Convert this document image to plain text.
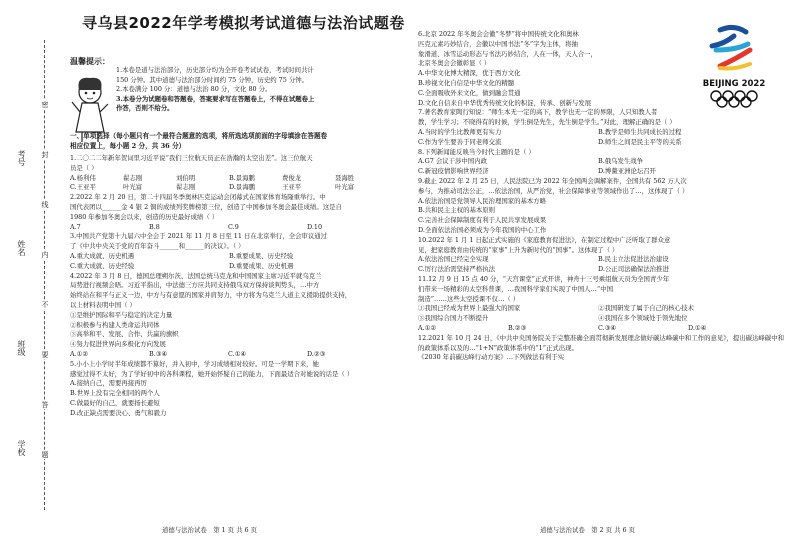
考号
姓名
班级
学校
密
封
线
内
不
要
答
题
寻乌县2022年学考模拟考试道德与法治试题卷
温馨提示：
1.本卷是道与法治部分，历史部分均为全开卷考试试卷，考试时间共计
150 分钟。其中道德与法治部分时间约 75 分钟，历史约 75 分钟。
2.本卷满分 100 分：道德与法治 80 分，文化 80 分。
3.本卷分为试题卷和答题卷，答案要求写在答题卷上，不得在试题卷上
作答，否则不给分。
一、单项选择（每小题只有一个最符合题意的选项，将所选选项前面的字母填涂在答题卷
相应位置上，每小题 2 分，共 36 分）
1.二〇二二年新年贺词里习近平说“我们三位航天员正在浩瀚的太空出差”。这三位航天
员是（ ）
A.杨利伟	翟志刚	刘伯明	B.景海鹏	费俊龙	聂海胜
C.王亚平	叶光富	翟志刚	D.景海鹏	王亚平	叶光富
2.2022 年 2 月 20 日，第二十四届冬季奥林匹克运动会闭幕式在国家体育场隆重举行。中
国代表团以______金 4 银 2 铜的成绩列奖牌榜第三位，创造了中国参加冬奥会最佳成绩。这是自
1980 年参加冬奥会以来，创造的历史最好成绩（ ）
A.7	B.8	C.9	D.10
3.中国共产党第十九届六中全会于 2021 年 11 月 8 日至 11 日在北京举行，全会审议通过
了《中共中央关于党的百年奋斗______和______的决议》。（ ）
A.重大成就、历史机遇	B.重要成果、历史经验
C.重大成就、历史经验	D.重要成果、历史机遇
4.2022 年 3 月 8 日，德国总理朔尔茨、法国总统马克龙和中国国家主席习近平就乌克兰
局势进行视频会晤。习近平指出，中法德三方应共同支持俄乌双方保持谈判势头，…中方
始终站在和平与正义一边，中方与有意愿的国家并肩努力，中方将为乌克兰人道主义援助提供支持，
以上材料表明中国（ ）
①是维护国际和平与稳定的决定力量
②积极参与构建人类命运共同体
③高举和平、发展、合作、共赢的旗帜
④努力促进世界向多极化方向发展
A.①②	B.③④	C.①④	D.②③
5.小小上小学时半年成绩都不算好，并入初中，学习成绩相对较好。可是一学期下来，她
感觉过得不太好，为了学好初中的各科课程，她开始怀疑自己的能力，下面最适合对她说的话是（ ）
A.接纳自己，需要再接再厉
B.世界上没有完全相同的两个人
C.做最好的自己，就要扬长避短
D.改正缺点需要决心、勇气和毅力
6.北京 2022 年冬奥会会徽“冬梦”将中国传统文化和奥林
匹克元素巧妙结合，会徽以中国书法“冬”字为主体，将抽
象滑道、冰雪运动形态与书法巧妙结合，人在一体，天人合一，
北京冬奥会会徽彰显（ ）
A.中华文化博大精深，优于西方文化
B.珍视文化自信是中华文化的精髓
C.全面吸收外来文化，做到融会贯通
D.文化自信来自中华优秀传统文化的积淀，传承、创新与发展
7.著名教育家陶行知说：“师生本无一定的高下，教学也无一定的界限，人只知教人者
教，学生学习；不晓得有的时候，学生倒是先生，先生倒是学生。”对此，理解正确的是（ ）
A.当时的学生比教师更有实力	B.教学是师生共同成长的过程
C.作为学生要善于同老师交流	D.师生之间是民主平等的关系
8.下列新闻能反映当今时代主题的是（ ）
A.G7 会议干涉中国内政	B.俄乌发生战争
C.新冠疫情影响世界经济	D.博鳌亚洲论坛召开
9.截止 2022 年 2 月 25 日，人民法院已为 2022 年全国两会调解案件，全国共有 562 万人次
参与，为推动司法公正，…依法治国，从严治党，社会保障事业等领域作出了…，这体现了（ ）
A.依法治国是党领导人民治理国家的基本方略
B.共和民主主权的基本原则
C.完善社会保障制度有利于人民共享发展成果
D.全面依法治国必须成为今年我国的中心工作
10.2022 年 1 月 1 日起正式实施的《家庭教育促进法》，在制定过程中广泛听取了群众意
见，把家庭教育由传统的“家事”上升为新时代的“国事”。这体现了（ ）
A.依法治国已经完全实现	B.民主立法促进法治建设
C.厉行法治需坚持严格执法	D.公正司法确保法治推进
11.12 月 9 日 15 点 40 分，“天宫课堂”正式开讲，神舟十三号乘组航天员为全国青少年
们带来一场精彩的太空科普课，…我国科学家们实现了中国人…“中国
制造”……这些太空授课不仅…（ ）
①我国已经成为世界上最强大的国家	②我国研发了属于自己的核心技术
③我国综合国力不断提升	④我国在多个领域处于领先地位
A.①②	B.②③	C.③④	D.①④
12.2021 年 10 月 24 日，《中共中央国务院关于完整准确全面贯彻新发展理念做好碳达峰碳中和工作的意见》，提出碳达峰碳中和的政策体系以及的…“1+N”政策体系中的“1”正式出现。
《2030 年前碳达峰行动方案》…下列做法有利于实
BEIJING 2022
道德与法治试卷　第 1 页 共 6 页	道德与法治试卷　第 2 页 共 6 页
